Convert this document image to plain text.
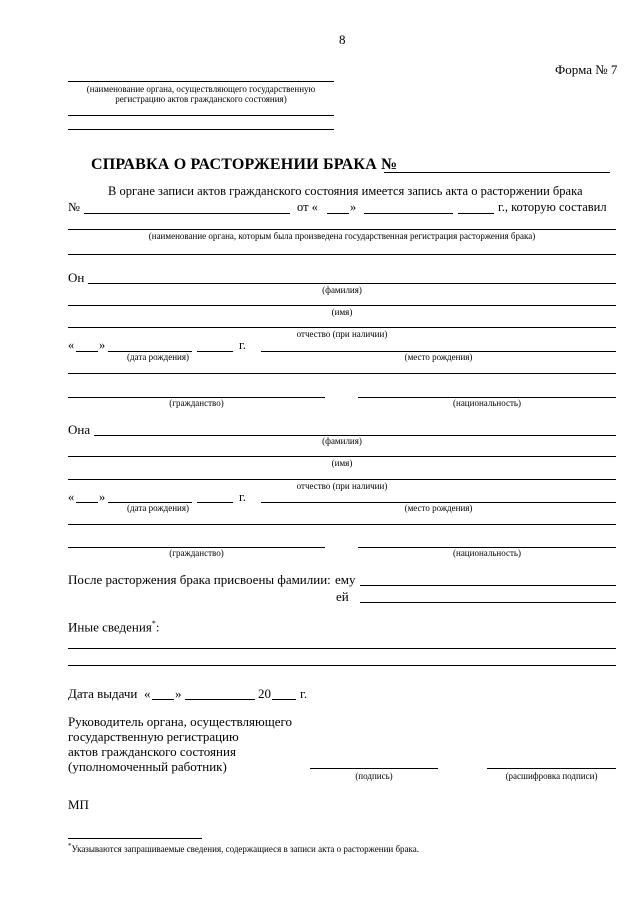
8
Форма № 7
(наименование органа, осуществляющего государственную
регистрацию актов гражданского состояния)
СПРАВКА О РАСТОРЖЕНИИ БРАКА №
В органе записи актов гражданского состояния имеется запись акта о расторжении брака
№	от «	»	г., которую составил
(наименование органа, которым была произведена государственная регистрация расторжения брака)
Он
(фамилия)
(имя)
отчество (при наличии)
« »	г.
(дата рождения)	(место рождения)
(гражданство)	(национальность)
Она
(фамилия)
(имя)
отчество (при наличии)
« »	г.
(дата рождения)	(место рождения)
(гражданство)	(национальность)
После расторжения брака присвоены фамилии: ему
ей
Иные сведения*:
Дата выдачи « »	20 г.
Руководитель органа, осуществляющего
государственную регистрацию
актов гражданского состояния
(уполномоченный работник)
(подпись)	(расшифровка подписи)
МП
*Указываются запрашиваемые сведения, содержащиеся в записи акта о расторжении брака.
